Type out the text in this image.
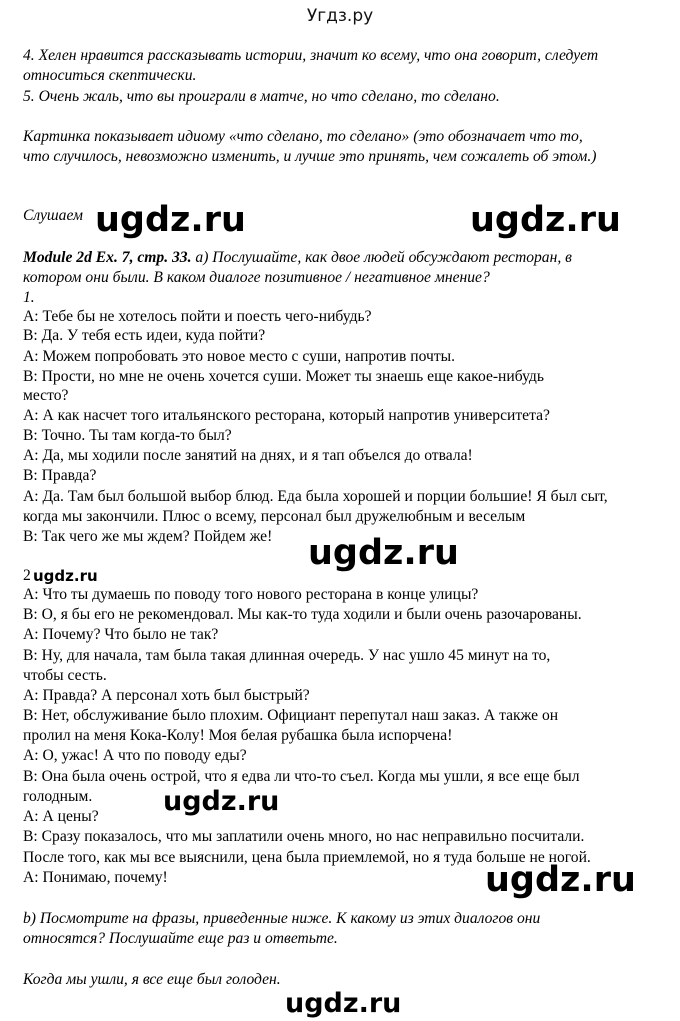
Угдз.ру
4. Хелен нравится рассказывать истории, значит ко всему, что она говорит, следует
относиться скептически.
5. Очень жаль, что вы проиграли в матче, но что сделано, то сделано.
Картинка показывает идиому «что сделано, то сделано» (это обозначает что то,
что случилось, невозможно изменить, и лучше это принять, чем сожалеть об этом.)
Слушаем
Module 2d Ex. 7, стр. 33. а) Послушайте, как двое людей обсуждают ресторан, в
котором они были. В каком диалоге позитивное / негативное мнение?
1.
А: Тебе бы не хотелось пойти и поесть чего-нибудь?
В: Да. У тебя есть идеи, куда пойти?
А: Можем попробовать это новое место с суши, напротив почты.
В: Прости, но мне не очень хочется суши. Может ты знаешь еще какое-нибудь
место?
А: А как насчет того итальянского ресторана, который напротив университета?
В: Точно. Ты там когда-то был?
А: Да, мы ходили после занятий на днях, и я тап объелся до отвала!
В: Правда?
А: Да. Там был большой выбор блюд. Еда была хорошей и порции большие! Я был сыт,
когда мы закончили. Плюс о всему, персонал был дружелюбным и веселым
В: Так чего же мы ждем? Пойдем же!
2
А: Что ты думаешь по поводу того нового ресторана в конце улицы?
В: О, я бы его не рекомендовал. Мы как-то туда ходили и были очень разочарованы.
А: Почему? Что было не так?
В: Ну, для начала, там была такая длинная очередь. У нас ушло 45 минут на то,
чтобы сесть.
А: Правда? А персонал хоть был быстрый?
В: Нет, обслуживание было плохим. Официант перепутал наш заказ. А также он
пролил на меня Кока-Колу! Моя белая рубашка была испорчена!
А: О, ужас! А что по поводу еды?
В: Она была очень острой, что я едва ли что-то съел. Когда мы ушли, я все еще был
голодным.
А: А цены?
В: Сразу показалось, что мы заплатили очень много, но нас неправильно посчитали.
После того, как мы все выяснили, цена была приемлемой, но я туда больше не ногой.
А: Понимаю, почему!
b) Посмотрите на фразы, приведенные ниже. К какому из этих диалогов они
относятся? Послушайте еще раз и ответьте.
Когда мы ушли, я все еще был голоден.
ugdz.ru	ugdz.ru
ugdz.ru
ugdz.ru
ugdz.ru
ugdz.ru
ugdz.ru
